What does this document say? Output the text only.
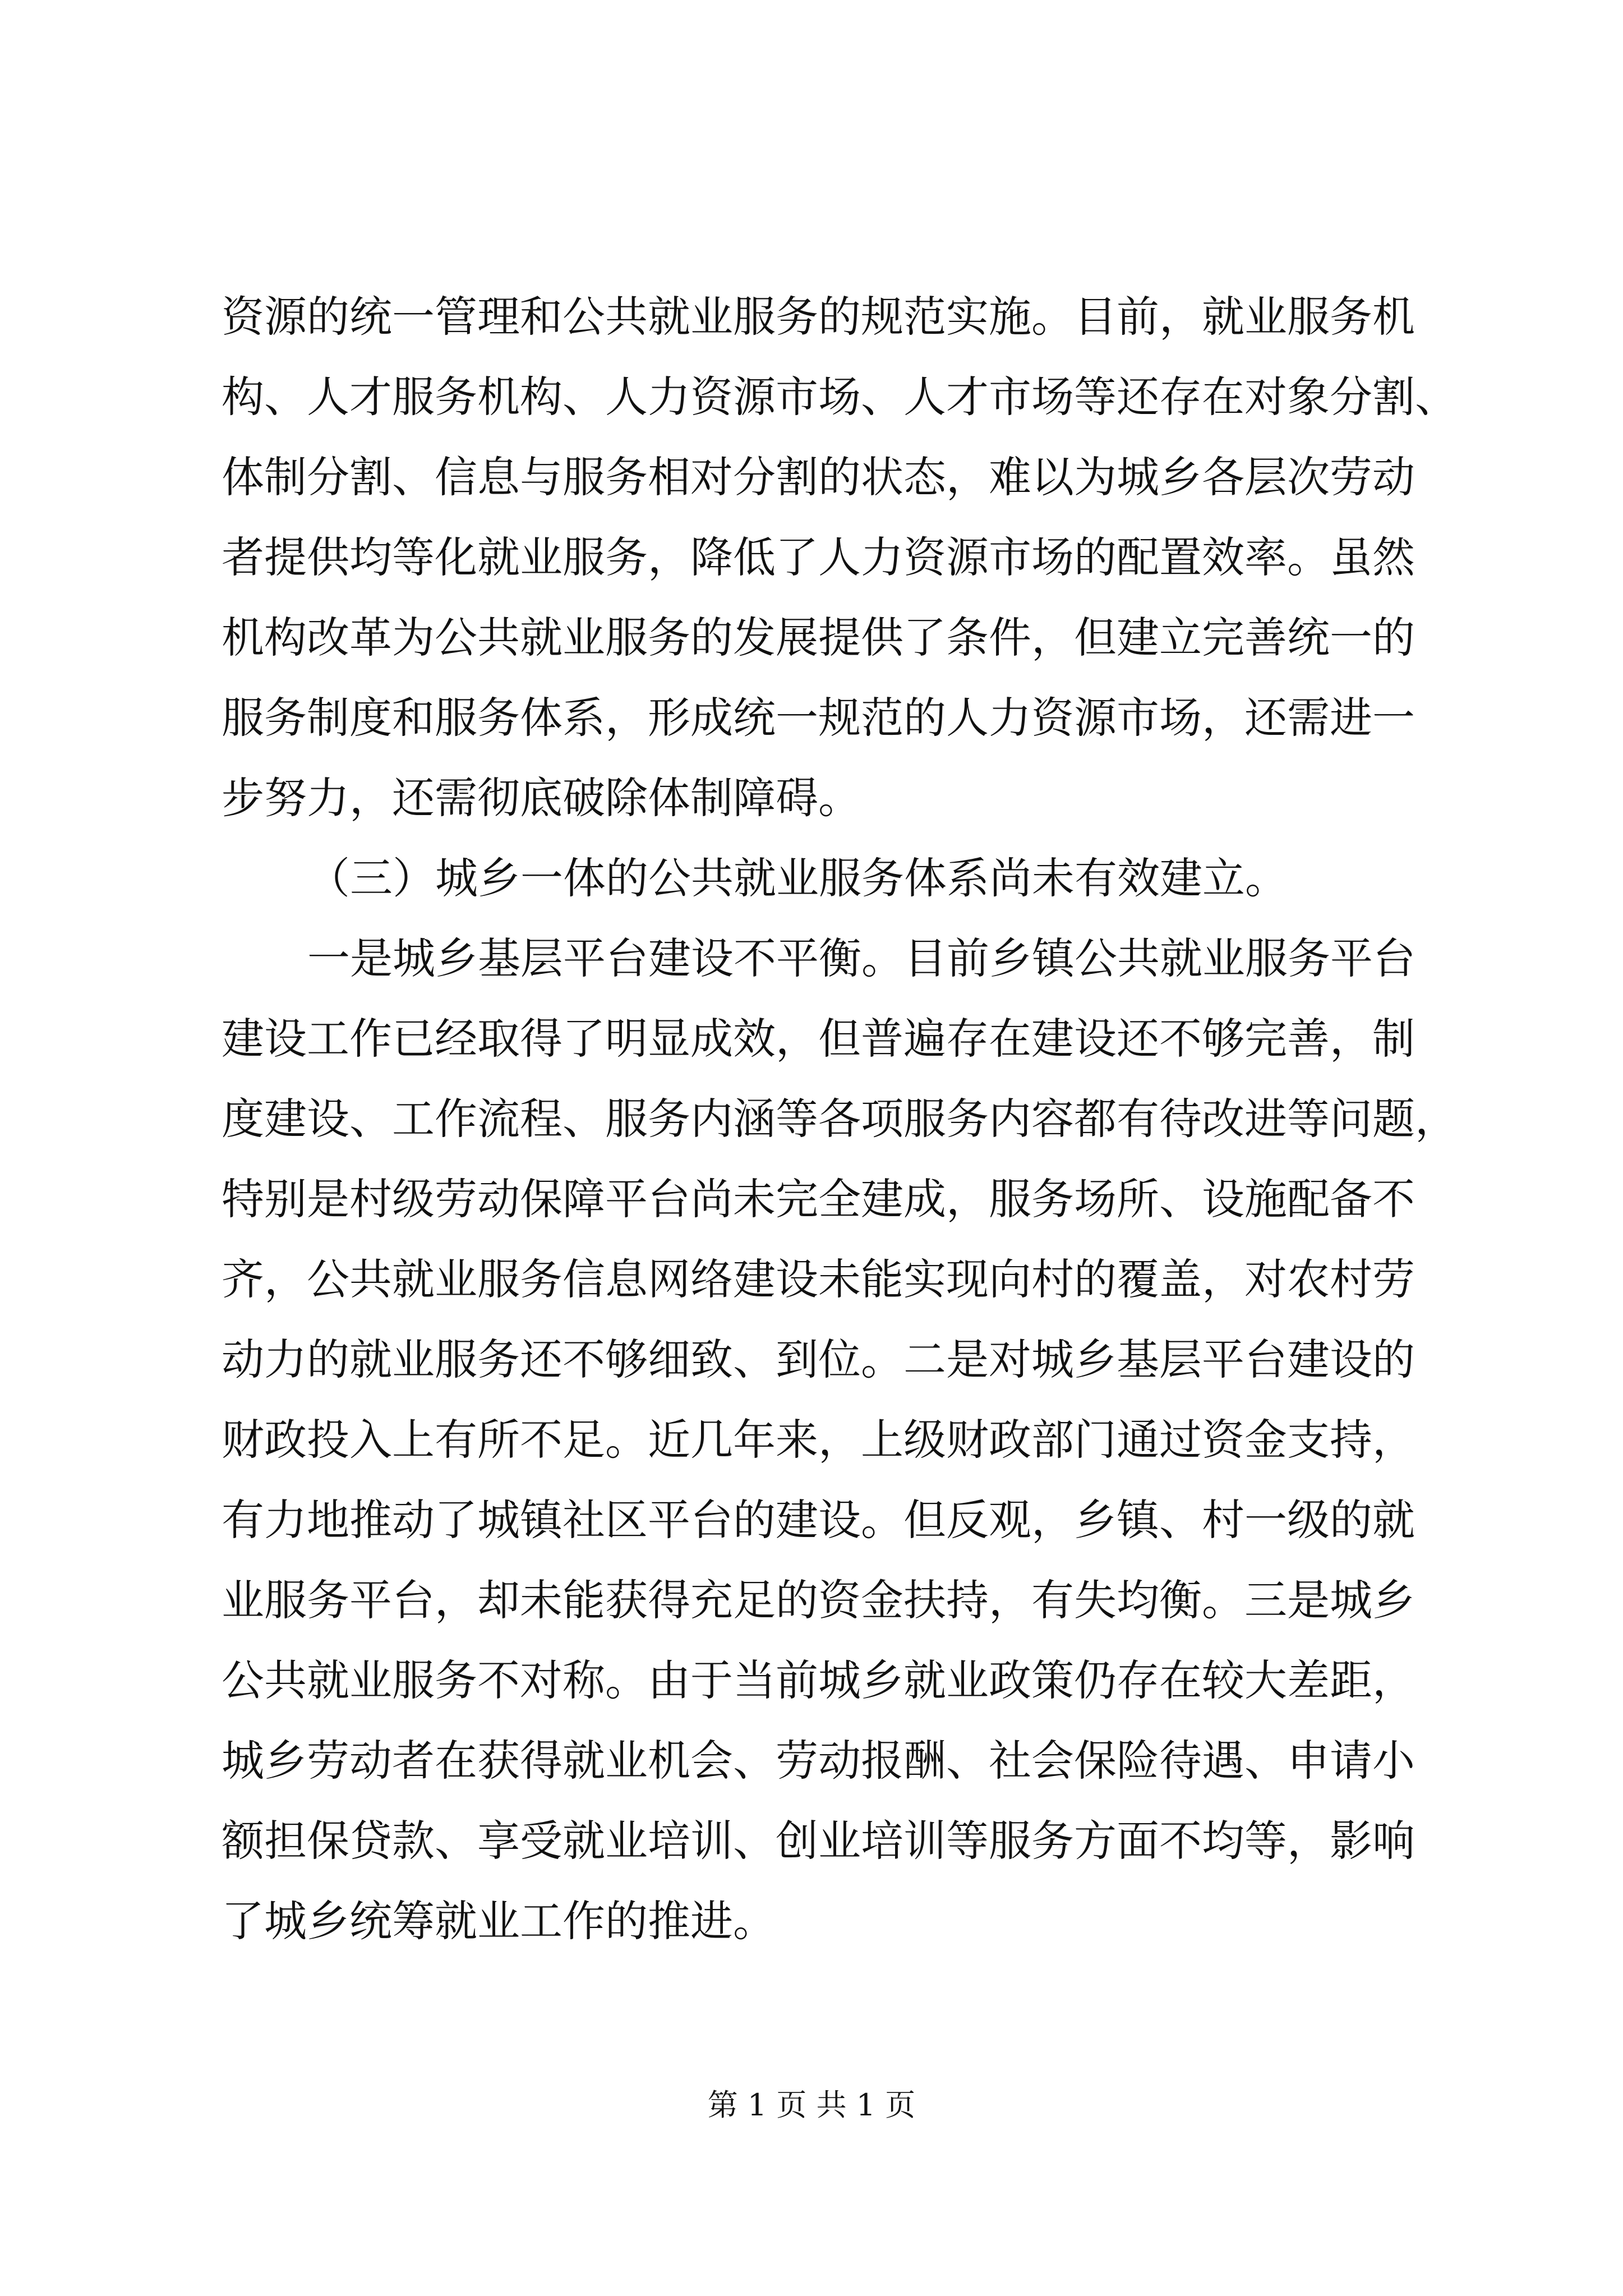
资源的统一管理和公共就业服务的规范实施。目前，就业服务机
构、人才服务机构、人力资源市场、人才市场等还存在对象分割、
体制分割、信息与服务相对分割的状态，难以为城乡各层次劳动
者提供均等化就业服务，降低了人力资源市场的配置效率。虽然
机构改革为公共就业服务的发展提供了条件，但建立完善统一的
服务制度和服务体系，形成统一规范的人力资源市场，还需进一
步努力，还需彻底破除体制障碍。
（三）城乡一体的公共就业服务体系尚未有效建立。
一是城乡基层平台建设不平衡。目前乡镇公共就业服务平台
建设工作已经取得了明显成效，但普遍存在建设还不够完善，制
度建设、工作流程、服务内涵等各项服务内容都有待改进等问题，
特别是村级劳动保障平台尚未完全建成，服务场所、设施配备不
齐，公共就业服务信息网络建设未能实现向村的覆盖，对农村劳
动力的就业服务还不够细致、到位。二是对城乡基层平台建设的
财政投入上有所不足。近几年来，上级财政部门通过资金支持，
有力地推动了城镇社区平台的建设。但反观，乡镇、村一级的就
业服务平台，却未能获得充足的资金扶持，有失均衡。三是城乡
公共就业服务不对称。由于当前城乡就业政策仍存在较大差距，
城乡劳动者在获得就业机会、劳动报酬、社会保险待遇、申请小
额担保贷款、享受就业培训、创业培训等服务方面不均等，影响
了城乡统筹就业工作的推进。
第 1 页 共 1 页
